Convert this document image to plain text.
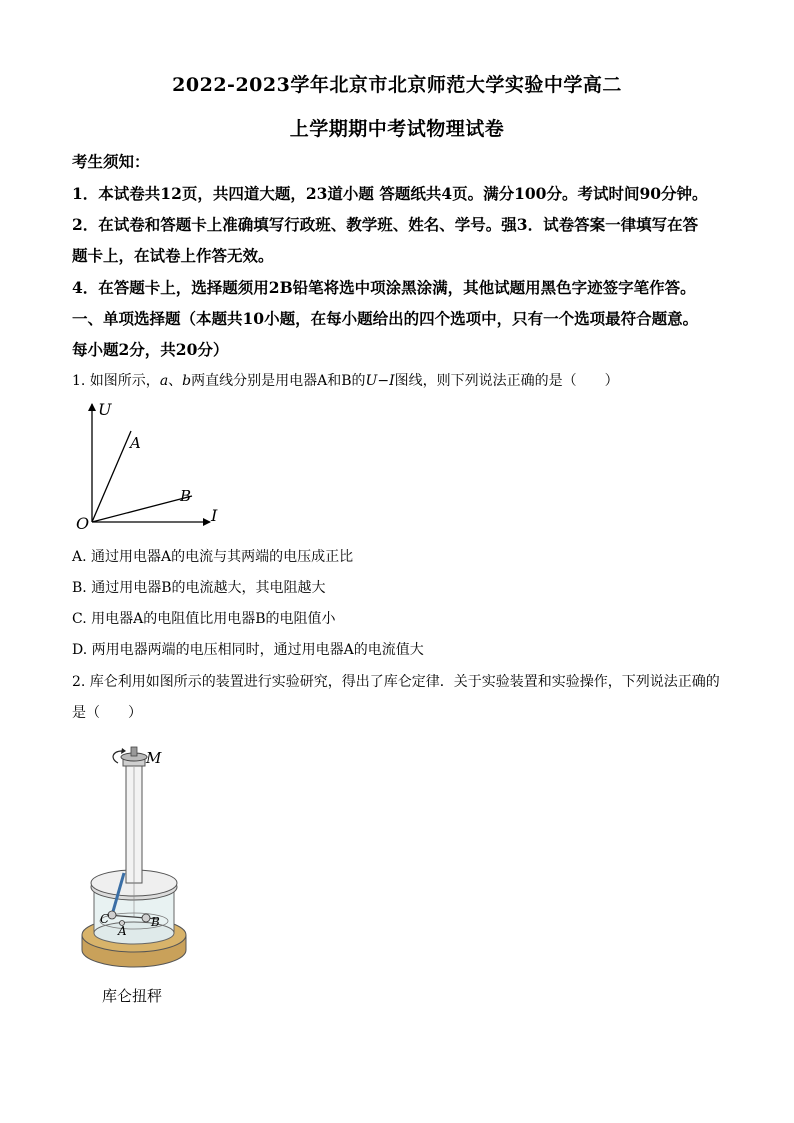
2022-2023学年北京市北京师范大学实验中学高二
上学期期中考试物理试卷
考生须知：
1．本试卷共12页，共四道大题，23道小题 答题纸共4页。满分100分。考试时间90分钟。
2．在试卷和答题卡上准确填写行政班、教学班、姓名、学号。强3．试卷答案一律填写在答
题卡上，在试卷上作答无效。
4．在答题卡上，选择题须用2B铅笔将选中项涂黑涂满，其他试题用黑色字迹签字笔作答。
一、单项选择题（本题共10小题，在每小题给出的四个选项中，只有一个选项最符合题意。
每小题2分，共20分）
1. 如图所示，a、b两直线分别是用电器A和B的U−I图线，则下列说法正确的是（　　）
U
I
O
A
B
A. 通过用电器A的电流与其两端的电压成正比
B. 通过用电器B的电流越大，其电阻越大
C. 用电器A的电阻值比用电器B的电阻值小
D. 两用电器两端的电压相同时，通过用电器A的电流值大
2. 库仑利用如图所示的装置进行实验研究，得出了库仑定律．关于实验装置和实验操作，下列说法正确的
是（　　）
M
C
A
B
库仑扭秤
